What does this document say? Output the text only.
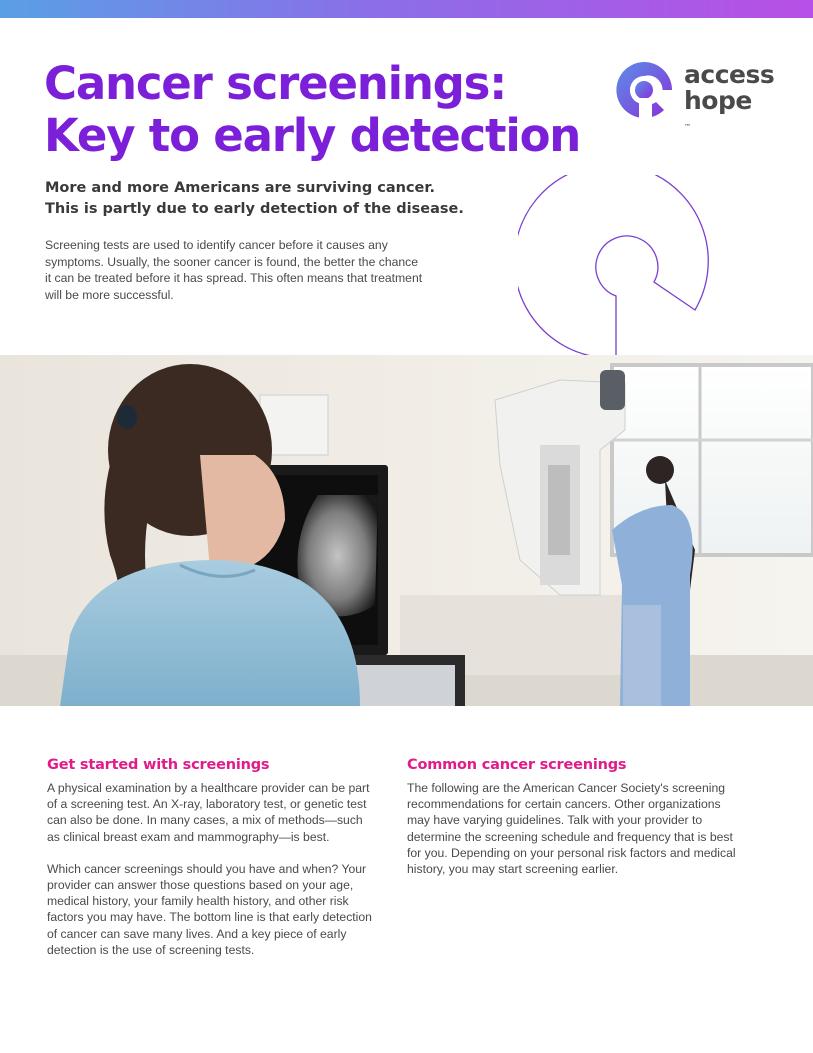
Cancer screenings:
Key to early detection
access
hope
™
More and more Americans are surviving cancer.
This is partly due to early detection of the disease.

Screening tests are used to identify cancer before it causes any symptoms. Usually, the sooner cancer is found, the better the chance it can be treated before it has spread. This often means that treatment will be more successful.

Get started with screenings

A physical examination by a healthcare provider can be part of a screening test. An X-ray, laboratory test, or genetic test can also be done. In many cases, a mix of methods—such as clinical breast exam and mammography—is best.

Which cancer screenings should you have and when? Your provider can answer those questions based on your age, medical history, your family health history, and other risk factors you may have. The bottom line is that early detection of cancer can save many lives. And a key piece of early detection is the use of screening tests.

Common cancer screenings

The following are the American Cancer Society's screening recommendations for certain cancers. Other organizations may have varying guidelines. Talk with your provider to determine the screening schedule and frequency that is best for you. Depending on your personal risk factors and medical history, you may start screening earlier.
